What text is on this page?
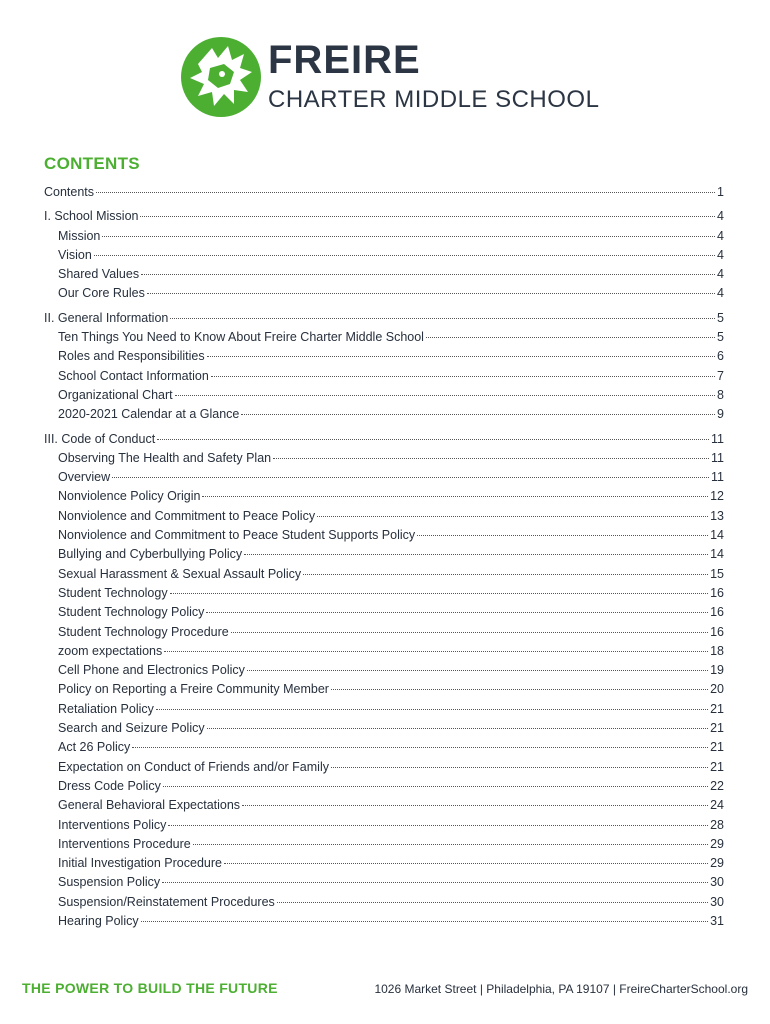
FREIRE
CHARTER MIDDLE SCHOOL
CONTENTS
Contents	1
I. School Mission	4
Mission	4
Vision	4
Shared Values	4
Our Core Rules	4
II. General Information	5
Ten Things You Need to Know About Freire Charter Middle School	5
Roles and Responsibilities	6
School Contact Information	7
Organizational Chart	8
2020-2021 Calendar at a Glance	9
III. Code of Conduct	11
Observing The Health and Safety Plan	11
Overview	11
Nonviolence Policy Origin	12
Nonviolence and Commitment to Peace Policy	13
Nonviolence and Commitment to Peace Student Supports Policy	14
Bullying and Cyberbullying Policy	14
Sexual Harassment & Sexual Assault Policy	15
Student Technology	16
Student Technology Policy	16
Student Technology Procedure	16
zoom expectations	18
Cell Phone and Electronics Policy	19
Policy on Reporting a Freire Community Member	20
Retaliation Policy	21
Search and Seizure Policy	21
Act 26 Policy	21
Expectation on Conduct of Friends and/or Family	21
Dress Code Policy	22
General Behavioral Expectations	24
Interventions Policy	28
Interventions Procedure	29
Initial Investigation Procedure	29
Suspension Policy	30
Suspension/Reinstatement Procedures	30
Hearing Policy	31
THE POWER TO BUILD THE FUTURE	1026 Market Street | Philadelphia, PA 19107 | FreireCharterSchool.org
